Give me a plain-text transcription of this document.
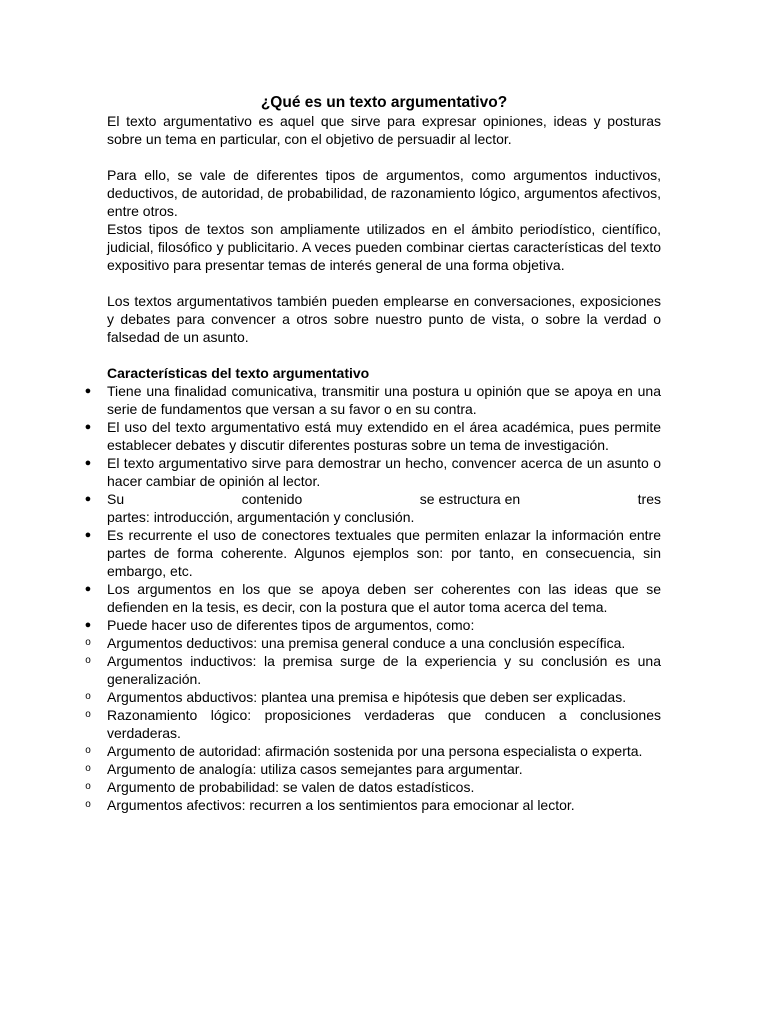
¿Qué es un texto argumentativo?

El texto argumentativo es aquel que sirve para expresar opiniones, ideas y posturas sobre un tema en particular, con el objetivo de persuadir al lector.

Para ello, se vale de diferentes tipos de argumentos, como argumentos inductivos, deductivos, de autoridad, de probabilidad, de razonamiento lógico, argumentos afectivos, entre otros.

Estos tipos de textos son ampliamente utilizados en el ámbito periodístico, científico, judicial, filosófico y publicitario. A veces pueden combinar ciertas características del texto expositivo para presentar temas de interés general de una forma objetiva.

Los textos argumentativos también pueden emplearse en conversaciones, exposiciones y debates para convencer a otros sobre nuestro punto de vista, o sobre la verdad o falsedad de un asunto.

Características del texto argumentativo
● Tiene una finalidad comunicativa, transmitir una postura u opinión que se apoya en una serie de fundamentos que versan a su favor o en su contra.
● El uso del texto argumentativo está muy extendido en el área académica, pues permite establecer debates y discutir diferentes posturas sobre un tema de investigación.
● El texto argumentativo sirve para demostrar un hecho, convencer acerca de un asunto o hacer cambiar de opinión al lector.
● Su	contenido	se estructura en	tres
partes: introducción, argumentación y conclusión.
● Es recurrente el uso de conectores textuales que permiten enlazar la información entre partes de forma coherente. Algunos ejemplos son: por tanto, en consecuencia, sin embargo, etc.
● Los argumentos en los que se apoya deben ser coherentes con las ideas que se defienden en la tesis, es decir, con la postura que el autor toma acerca del tema.
● Puede hacer uso de diferentes tipos de argumentos, como:
o Argumentos deductivos: una premisa general conduce a una conclusión específica.
o Argumentos inductivos: la premisa surge de la experiencia y su conclusión es una generalización.
o Argumentos abductivos: plantea una premisa e hipótesis que deben ser explicadas.
o Razonamiento lógico: proposiciones verdaderas que conducen a conclusiones verdaderas.
o Argumento de autoridad: afirmación sostenida por una persona especialista o experta.
o Argumento de analogía: utiliza casos semejantes para argumentar.
o Argumento de probabilidad: se valen de datos estadísticos.
o Argumentos afectivos: recurren a los sentimientos para emocionar al lector.
